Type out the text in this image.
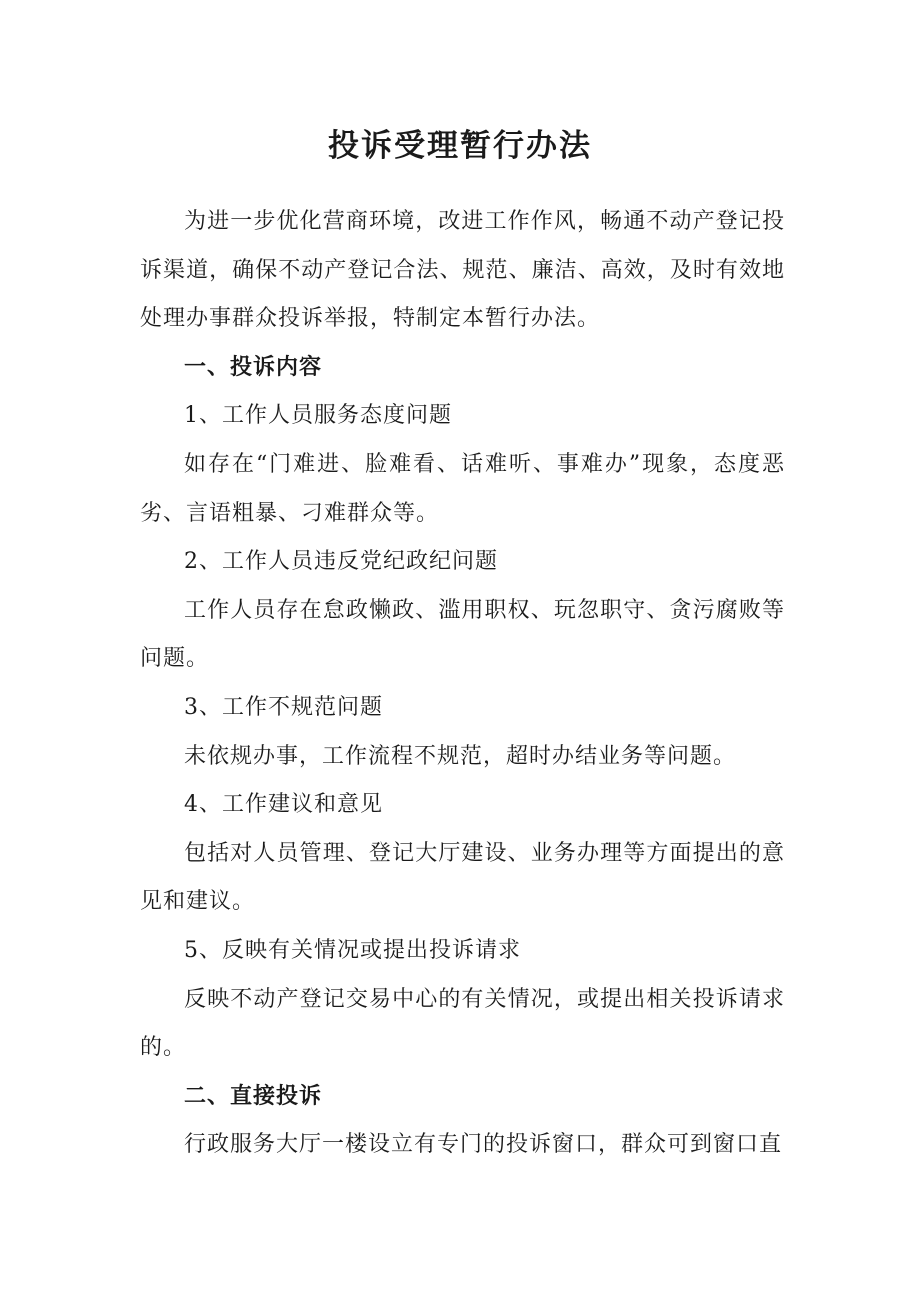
投诉受理暂行办法

为进一步优化营商环境，改进工作作风，畅通不动产登记投诉渠道，确保不动产登记合法、规范、廉洁、高效，及时有效地处理办事群众投诉举报，特制定本暂行办法。

一、投诉内容

1、工作人员服务态度问题

如存在“门难进、脸难看、话难听、事难办”现象，态度恶劣、言语粗暴、刁难群众等。

2、工作人员违反党纪政纪问题

工作人员存在怠政懒政、滥用职权、玩忽职守、贪污腐败等问题。

3、工作不规范问题

未依规办事，工作流程不规范，超时办结业务等问题。

4、工作建议和意见

包括对人员管理、登记大厅建设、业务办理等方面提出的意见和建议。

5、反映有关情况或提出投诉请求

反映不动产登记交易中心的有关情况，或提出相关投诉请求的。

二、直接投诉

行政服务大厅一楼设立有专门的投诉窗口，群众可到窗口直
